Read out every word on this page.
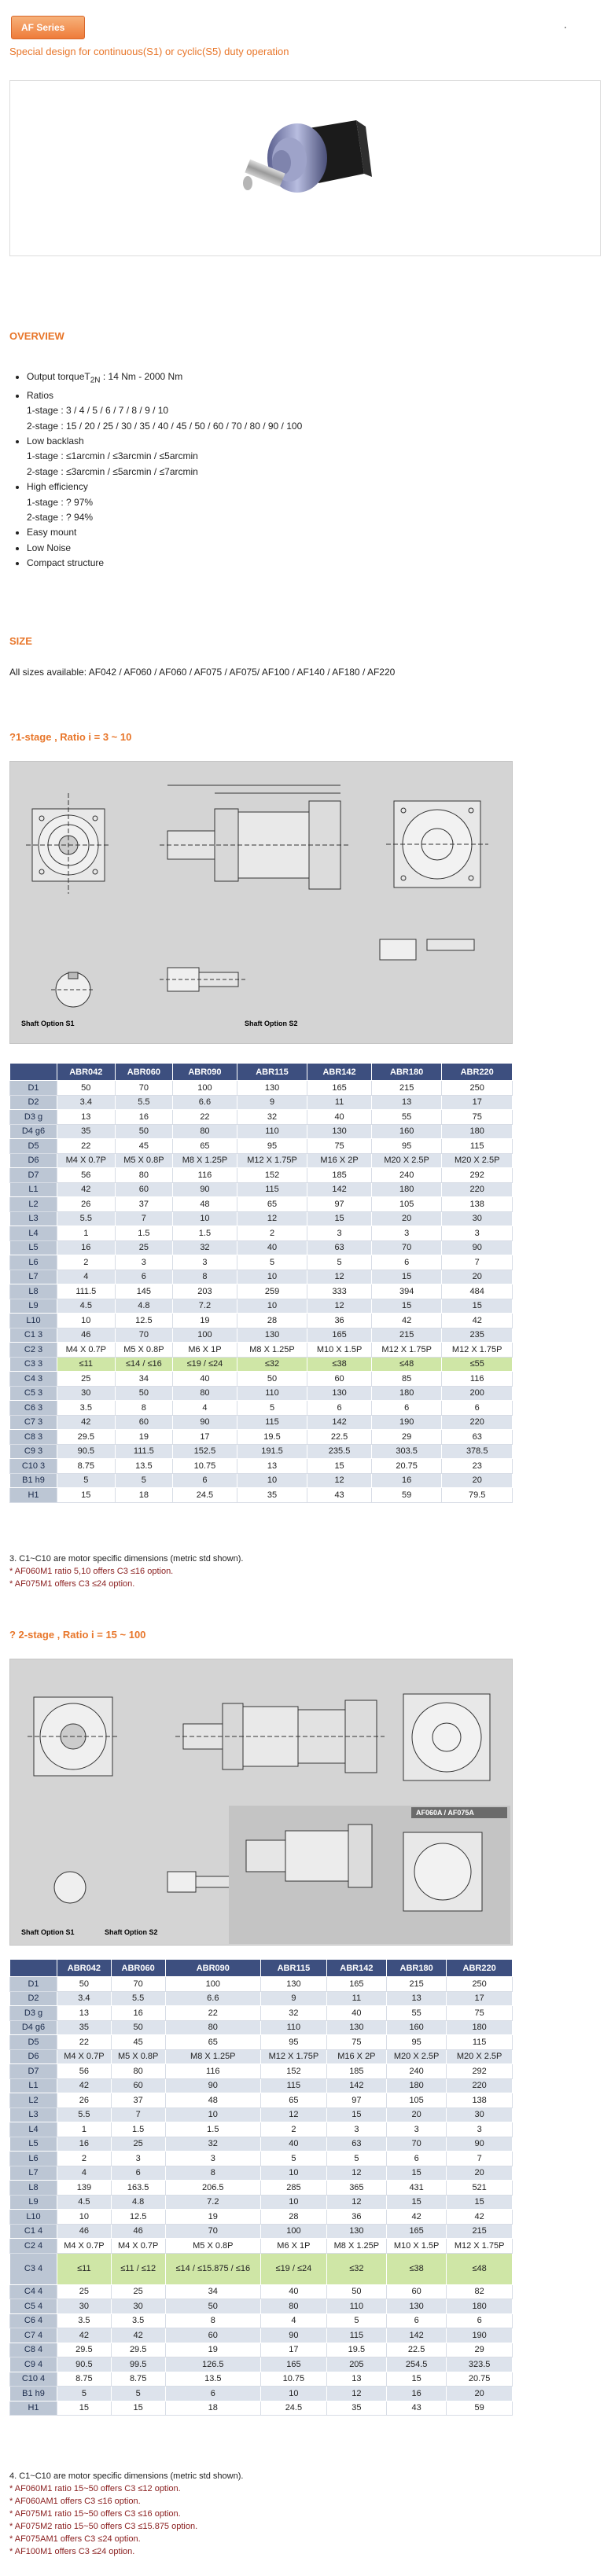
AF Series
Special design for continuous(S1) or cyclic(S5) duty operation
OVERVIEW
• Output torqueT$_{2N}$ : 14 Nm - 2000 Nm
• Ratios
1-stage : 3 / 4 / 5 / 6 / 7 / 8 / 9 / 10
2-stage : 15 / 20 / 25 / 30 / 35 / 40 / 45 / 50 / 60 / 70 / 80 / 90 / 100
• Low backlash
1-stage : ≤1arcmin / ≤3arcmin / ≤5arcmin
2-stage : ≤3arcmin / ≤5arcmin / ≤7arcmin
• High efficiency
1-stage : ? 97%
2-stage : ? 94%
• Easy mount
• Low Noise
• Compact structure
SIZE
All sizes available: AF042 / AF060 / AF060 / AF075 / AF075/ AF100 / AF140 / AF180 / AF220
?1-stage , Ratio i = 3 ~ 10
Shaft Option S1	Shaft Option S2
	ABR042	ABR060	ABR090	ABR115	ABR142	ABR180	ABR220
D1	50	70	100	130	165	215	250
D2	3.4	5.5	6.6	9	11	13	17
D3 g	13	16	22	32	40	55	75
D4 g6	35	50	80	110	130	160	180
D5	22	45	65	95	75	95	115
D6	M4 X 0.7P	M5 X 0.8P	M8 X 1.25P	M12 X 1.75P	M16 X 2P	M20 X 2.5P	M20 X 2.5P
D7	56	80	116	152	185	240	292
L1	42	60	90	115	142	180	220
L2	26	37	48	65	97	105	138
L3	5.5	7	10	12	15	20	30
L4	1	1.5	1.5	2	3	3	3
L5	16	25	32	40	63	70	90
L6	2	3	3	5	5	6	7
L7	4	6	8	10	12	15	20
L8	111.5	145	203	259	333	394	484
L9	4.5	4.8	7.2	10	12	15	15
L10	10	12.5	19	28	36	42	42
C1 3	46	70	100	130	165	215	235
C2 3	M4 X 0.7P	M5 X 0.8P	M6 X 1P	M8 X 1.25P	M10 X 1.5P	M12 X 1.75P	M12 X 1.75P
C3 3	≤11	≤14 / ≤16	≤19 / ≤24	≤32	≤38	≤48	≤55
C4 3	25	34	40	50	60	85	116
C5 3	30	50	80	110	130	180	200
C6 3	3.5	8	4	5	6	6	6
C7 3	42	60	90	115	142	190	220
C8 3	29.5	19	17	19.5	22.5	29	63
C9 3	90.5	111.5	152.5	191.5	235.5	303.5	378.5
C10 3	8.75	13.5	10.75	13	15	20.75	23
B1 h9	5	5	6	10	12	16	20
H1	15	18	24.5	35	43	59	79.5
3. C1~C10 are motor specific dimensions (metric std shown).
* AF060M1 ratio 5,10 offers C3 ≤16 option.
* AF075M1 offers C3 ≤24 option.
? 2-stage , Ratio i = 15 ~ 100
AF060A / AF075A
Shaft Option S1	Shaft Option S2
	ABR042	ABR060	ABR090	ABR115	ABR142	ABR180	ABR220
D1	50	70	100	130	165	215	250
D2	3.4	5.5	6.6	9	11	13	17
D3 g	13	16	22	32	40	55	75
D4 g6	35	50	80	110	130	160	180
D5	22	45	65	95	75	95	115
D6	M4 X 0.7P	M5 X 0.8P	M8 X 1.25P	M12 X 1.75P	M16 X 2P	M20 X 2.5P	M20 X 2.5P
D7	56	80	116	152	185	240	292
L1	42	60	90	115	142	180	220
L2	26	37	48	65	97	105	138
L3	5.5	7	10	12	15	20	30
L4	1	1.5	1.5	2	3	3	3
L5	16	25	32	40	63	70	90
L6	2	3	3	5	5	6	7
L7	4	6	8	10	12	15	20
L8	139	163.5	206.5	285	365	431	521
L9	4.5	4.8	7.2	10	12	15	15
L10	10	12.5	19	28	36	42	42
C1 4	46	46	70	100	130	165	215
C2 4	M4 X 0.7P	M4 X 0.7P	M5 X 0.8P	M6 X 1P	M8 X 1.25P	M10 X 1.5P	M12 X 1.75P
C3 4	≤11	≤11 / ≤12	≤14 / ≤15.875 / ≤16	≤19 / ≤24	≤32	≤38	≤48
C4 4	25	25	34	40	50	60	82
C5 4	30	30	50	80	110	130	180
C6 4	3.5	3.5	8	4	5	6	6
C7 4	42	42	60	90	115	142	190
C8 4	29.5	29.5	19	17	19.5	22.5	29
C9 4	90.5	99.5	126.5	165	205	254.5	323.5
C10 4	8.75	8.75	13.5	10.75	13	15	20.75
B1 h9	5	5	6	10	12	16	20
H1	15	15	18	24.5	35	43	59
4. C1~C10 are motor specific dimensions (metric std shown).
* AF060M1 ratio 15~50 offers C3 ≤12 option.
* AF060AM1 offers C3 ≤16 option.
* AF075M1 ratio 15~50 offers C3 ≤16 option.
* AF075M2 ratio 15~50 offers C3 ≤15.875 option.
* AF075AM1 offers C3 ≤24 option.
* AF100M1 offers C3 ≤24 option.
